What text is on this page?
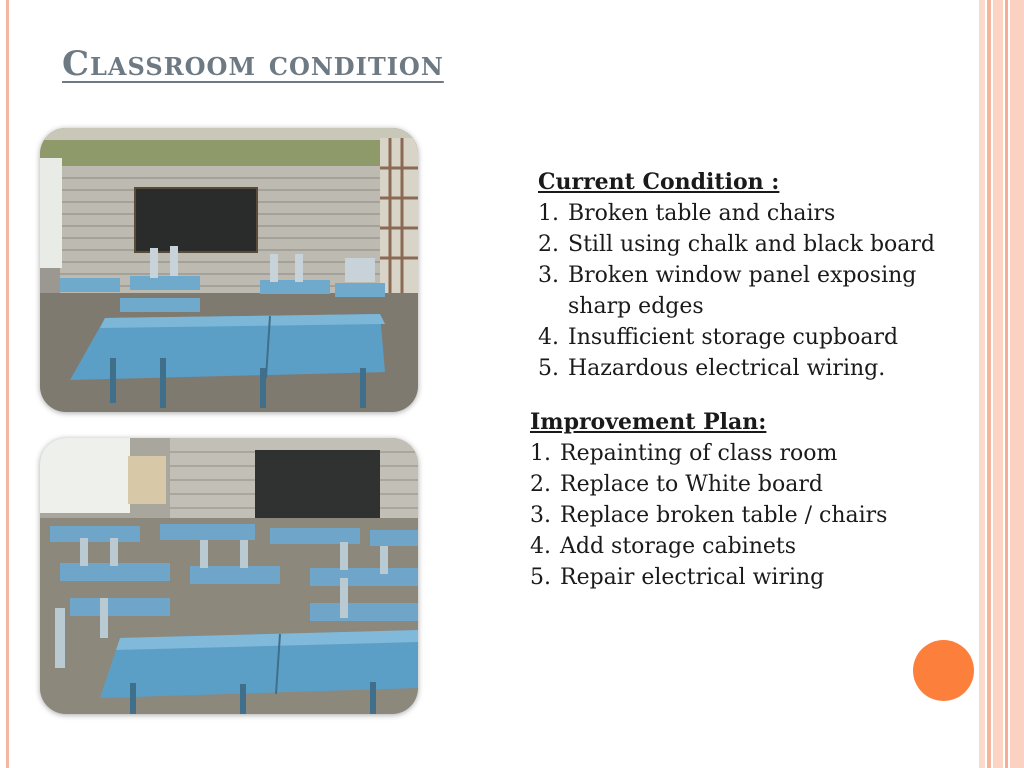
Classroom condition
Current Condition :
1. Broken table and chairs
2. Still using chalk and black board
3. Broken window panel exposing sharp edges
4. Insufficient storage cupboard
5. Hazardous electrical wiring.
Improvement Plan:
1. Repainting of class room
2. Replace to White board
3. Replace broken table / chairs
4. Add storage cabinets
5. Repair electrical wiring
